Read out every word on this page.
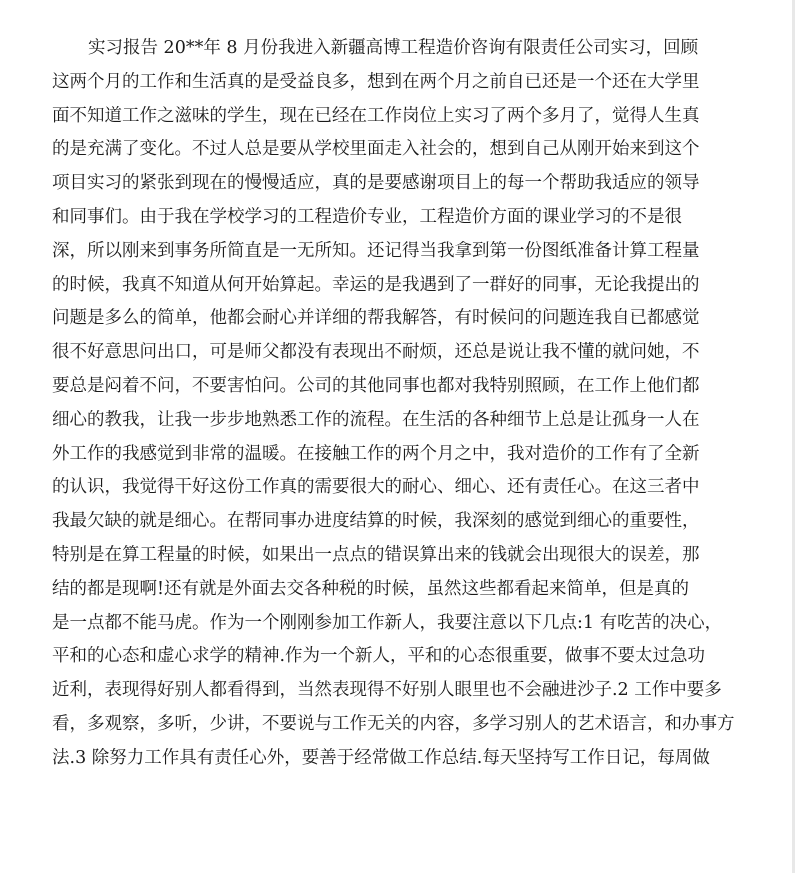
实习报告 20**年 8 月份我进入新疆高博工程造价咨询有限责任公司实习，回顾
这两个月的工作和生活真的是受益良多，想到在两个月之前自已还是一个还在大学里
面不知道工作之滋味的学生，现在已经在工作岗位上实习了两个多月了，觉得人生真
的是充满了变化。不过人总是要从学校里面走入社会的，想到自己从刚开始来到这个
项目实习的紧张到现在的慢慢适应，真的是要感谢项目上的每一个帮助我适应的领导
和同事们。由于我在学校学习的工程造价专业，工程造价方面的课业学习的不是很
深，所以刚来到事务所简直是一无所知。还记得当我拿到第一份图纸准备计算工程量
的时候，我真不知道从何开始算起。幸运的是我遇到了一群好的同事，无论我提出的
问题是多么的简单，他都会耐心并详细的帮我解答，有时候问的问题连我自已都感觉
很不好意思问出口，可是师父都没有表现出不耐烦，还总是说让我不懂的就问她，不
要总是闷着不问，不要害怕问。公司的其他同事也都对我特别照顾，在工作上他们都
细心的教我，让我一步步地熟悉工作的流程。在生活的各种细节上总是让孤身一人在
外工作的我感觉到非常的温暖。在接触工作的两个月之中，我对造价的工作有了全新
的认识，我觉得干好这份工作真的需要很大的耐心、细心、还有责任心。在这三者中
我最欠缺的就是细心。在帮同事办进度结算的时候，我深刻的感觉到细心的重要性，
特别是在算工程量的时候，如果出一点点的错误算出来的钱就会出现很大的误差，那
结的都是现啊!还有就是外面去交各种税的时候，虽然这些都看起来简单，但是真的
是一点都不能马虎。作为一个刚刚参加工作新人，我要注意以下几点:1 有吃苦的决心，
平和的心态和虚心求学的精神.作为一个新人，平和的心态很重要，做事不要太过急功
近利，表现得好别人都看得到，当然表现得不好别人眼里也不会融进沙子.2 工作中要多
看，多观察，多听，少讲，不要说与工作无关的内容，多学习别人的艺术语言，和办事方
法.3 除努力工作具有责任心外，要善于经常做工作总结.每天坚持写工作日记，每周做
